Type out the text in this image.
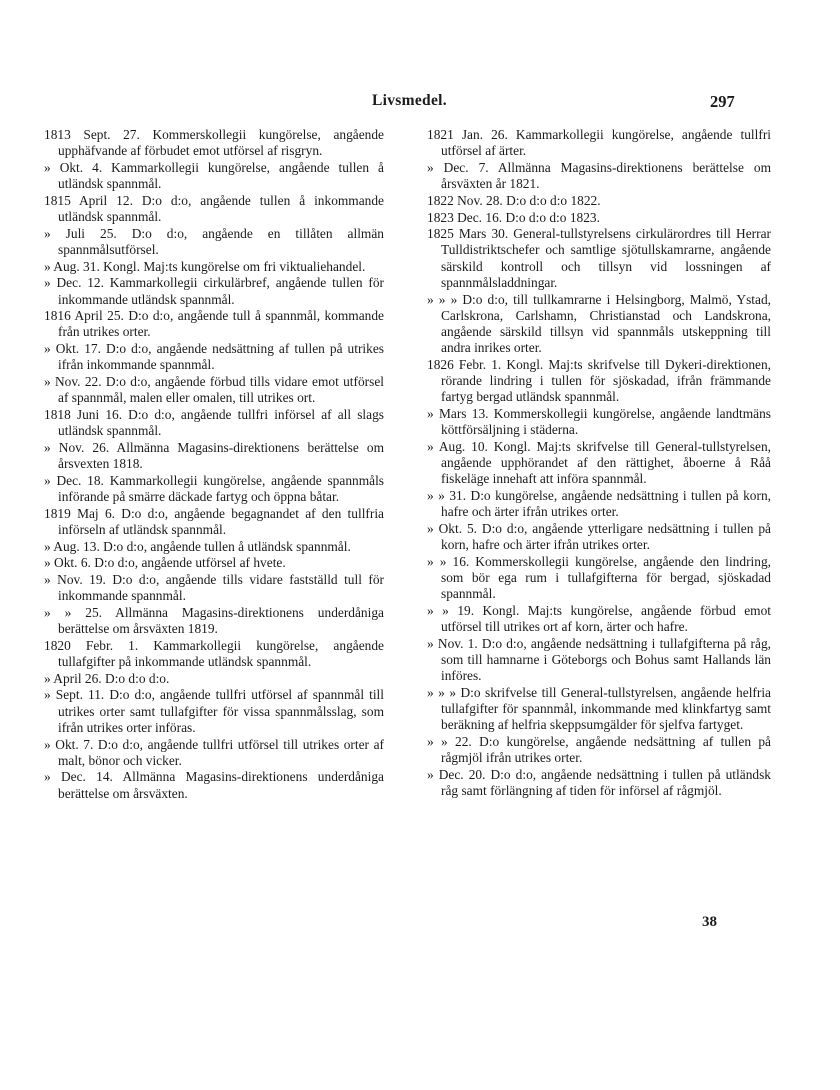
Livsmedel.	297

1813 Sept. 27. Kommerskollegii kungörelse, angående upphäfvande af förbudet emot utförsel af risgryn.

» Okt. 4. Kammarkollegii kungörelse, angående tullen å utländsk spannmål.

1815 April 12. D:o d:o, angående tullen å inkommande utländsk spannmål.

» Juli 25. D:o d:o, angående en tillåten allmän spannmålsutförsel.

» Aug. 31. Kongl. Maj:ts kungörelse om fri viktualiehandel.

» Dec. 12. Kammarkollegii cirkulärbref, angående tullen för inkommande utländsk spannmål.

1816 April 25. D:o d:o, angående tull å spannmål, kommande från utrikes orter.

» Okt. 17. D:o d:o, angående nedsättning af tullen på utrikes ifrån inkommande spannmål.

» Nov. 22. D:o d:o, angående förbud tills vidare emot utförsel af spannmål, malen eller omalen, till utrikes ort.

1818 Juni 16. D:o d:o, angående tullfri införsel af all slags utländsk spannmål.

» Nov. 26. Allmänna Magasins-direktionens berättelse om årsvexten 1818.

» Dec. 18. Kammarkollegii kungörelse, angående spannmåls införande på smärre däckade fartyg och öppna båtar.

1819 Maj 6. D:o d:o, angående begagnandet af den tullfria införseln af utländsk spannmål.

» Aug. 13. D:o d:o, angående tullen å utländsk spannmål.

» Okt. 6. D:o d:o, angående utförsel af hvete.

» Nov. 19. D:o d:o, angående tills vidare fastställd tull för inkommande spannmål.

» » 25. Allmänna Magasins-direktionens underdåniga berättelse om årsväxten 1819.

1820 Febr. 1. Kammarkollegii kungörelse, angående tullafgifter på inkommande utländsk spannmål.

» April 26. D:o d:o d:o.

» Sept. 11. D:o d:o, angående tullfri utförsel af spannmål till utrikes orter samt tullafgifter för vissa spannmålsslag, som ifrån utrikes orter införas.

» Okt. 7. D:o d:o, angående tullfri utförsel till utrikes orter af malt, bönor och vicker.

» Dec. 14. Allmänna Magasins-direktionens underdåniga berättelse om årsväxten.

1821 Jan. 26. Kammarkollegii kungörelse, angående tullfri utförsel af ärter.

» Dec. 7. Allmänna Magasins-direktionens berättelse om årsväxten år 1821.

1822 Nov. 28. D:o d:o d:o 1822.

1823 Dec. 16. D:o d:o d:o 1823.

1825 Mars 30. General-tullstyrelsens cirkulärordres till Herrar Tulldistriktschefer och samtlige sjötullskamrarne, angående särskild kontroll och tillsyn vid lossningen af spannmålsladdningar.

» » » D:o d:o, till tullkamrarne i Helsingborg, Malmö, Ystad, Carlskrona, Carlshamn, Christianstad och Landskrona, angående särskild tillsyn vid spannmåls utskeppning till andra inrikes orter.

1826 Febr. 1. Kongl. Maj:ts skrifvelse till Dykeri-direktionen, rörande lindring i tullen för sjöskadad, ifrån främmande fartyg bergad utländsk spannmål.

» Mars 13. Kommerskollegii kungörelse, angående landtmäns köttförsäljning i städerna.

» Aug. 10. Kongl. Maj:ts skrifvelse till General-tullstyrelsen, angående upphörandet af den rättighet, åboerne å Råå fiskeläge innehaft att införa spannmål.

» » 31. D:o kungörelse, angående nedsättning i tullen på korn, hafre och ärter ifrån utrikes orter.

» Okt. 5. D:o d:o, angående ytterligare nedsättning i tullen på korn, hafre och ärter ifrån utrikes orter.

» » 16. Kommerskollegii kungörelse, angående den lindring, som bör ega rum i tullafgifterna för bergad, sjöskadad spannmål.

» » 19. Kongl. Maj:ts kungörelse, angående förbud emot utförsel till utrikes ort af korn, ärter och hafre.

» Nov. 1. D:o d:o, angående nedsättning i tullafgifterna på råg, som till hamnarne i Göteborgs och Bohus samt Hallands län införes.

» » » D:o skrifvelse till General-tullstyrelsen, angående helfria tullafgifter för spannmål, inkommande med klinkfartyg samt beräkning af helfria skeppsumgälder för sjelfva fartyget.

» » 22. D:o kungörelse, angående nedsättning af tullen på rågmjöl ifrån utrikes orter.

» Dec. 20. D:o d:o, angående nedsättning i tullen på utländsk råg samt förlängning af tiden för införsel af rågmjöl.

38
